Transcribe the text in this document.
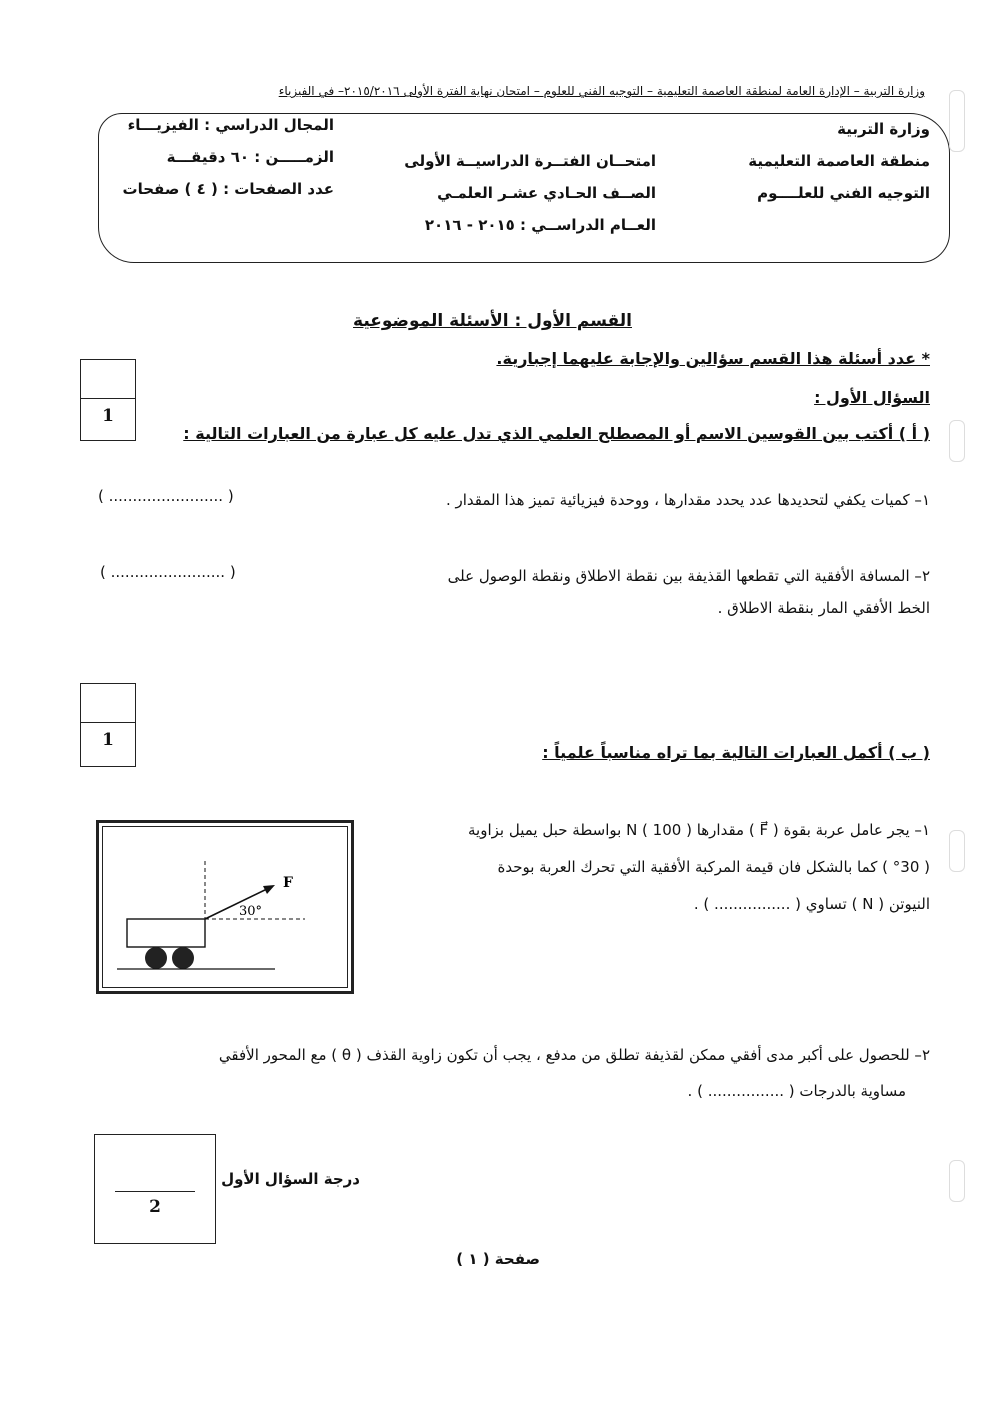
وزارة التربية – الإدارة العامة لمنطقة العاصمة التعليمية – التوجيه الفني للعلوم – امتحان نهاية الفترة الأولى ٢٠١٥/٢٠١٦– في الفيزياء
وزارة التربية
منطقة العاصمة التعليمية
التوجيه الفني للعلــــوم
امتحــان الفتــرة الدراسيــة الأولى
الصــف الحـادي عشـر العلمـي
العــام الدراســي : ٢٠١٥ - ٢٠١٦
المجال الدراسي : الفيزيـــاء
الزمـــــن : ٦٠ دقيقـــة
عدد الصفحات : ( ٤ ) صفحات
القسم الأول : الأسئلة الموضوعية
* عدد أسئلة هذا القسم سؤالين والإجابة عليهما إجبارية.
السؤال الأول :
1
( أ ) أكتب بين القوسين الاسم أو المصطلح العلمي الذي تدل عليه كل عبارة من العبارات التالية :
١– كميات يكفي لتحديدها عدد يحدد مقدارها ، ووحدة فيزيائية تميز هذا المقدار .
( ........................ )
٢– المسافة الأفقية التي تقطعها القذيفة بين نقطة الاطلاق ونقطة الوصول على
الخط الأفقي المار بنقطة الاطلاق .
( ........................ )
1
( ب ) أكمل العبارات التالية بما تراه مناسباً علمياً :
١– يجر عامل عربة بقوة ( F⃗ ) مقدارها N ( 100 ) بواسطة حبل يميل بزاوية
( °30 ) كما بالشكل فان قيمة المركبة الأفقية التي تحرك العربة بوحدة
النيوتن ( N ) تساوي ( ................ ) .
F
30°
٢– للحصول على أكبر مدى أفقي ممكن لقذيفة تطلق من مدفع ، يجب أن تكون زاوية القذف ( θ ) مع المحور الأفقي
مساوية بالدرجات ( ................ ) .
2
درجة السؤال الأول
صفحة ( ١ )
